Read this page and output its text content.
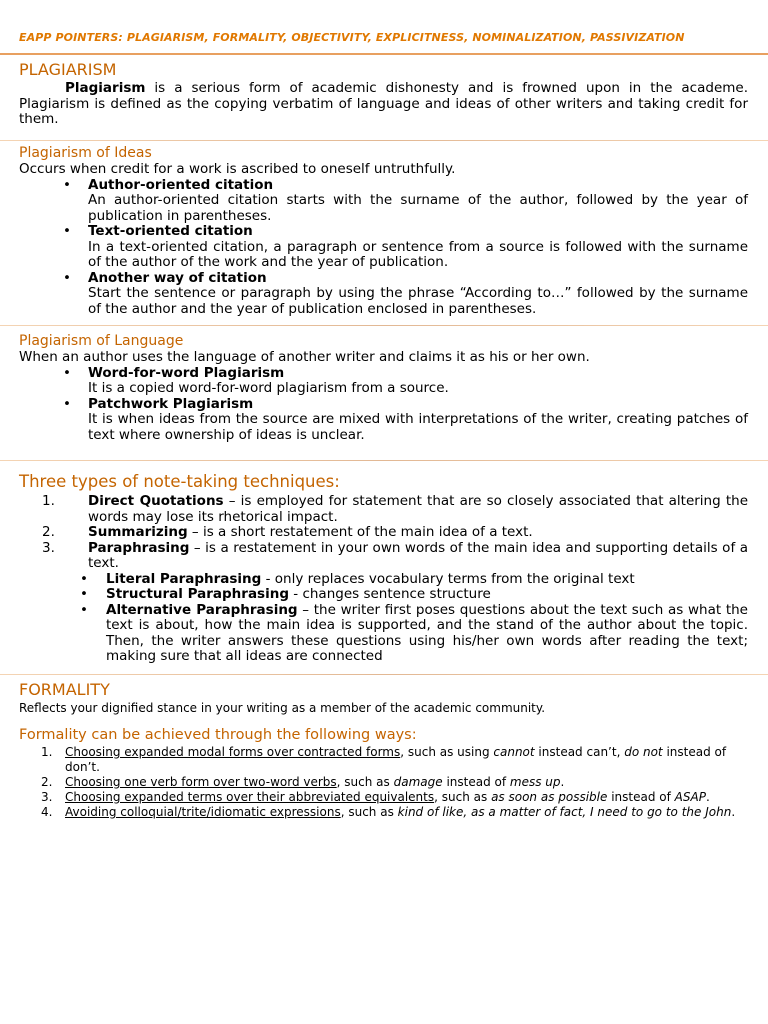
EAPP POINTERS: PLAGIARISM, FORMALITY, OBJECTIVITY, EXPLICITNESS, NOMINALIZATION, PASSIVIZATION
PLAGIARISM
Plagiarism is a serious form of academic dishonesty and is frowned upon in the academe. Plagiarism is defined as the copying verbatim of language and ideas of other writers and taking credit for them.
Plagiarism of Ideas
Occurs when credit for a work is ascribed to oneself untruthfully.
• Author-oriented citation
An author-oriented citation starts with the surname of the author, followed by the year of publication in parentheses.
• Text-oriented citation
In a text-oriented citation, a paragraph or sentence from a source is followed with the surname of the author of the work and the year of publication.
• Another way of citation
Start the sentence or paragraph by using the phrase “According to…” followed by the surname of the author and the year of publication enclosed in parentheses.
Plagiarism of Language
When an author uses the language of another writer and claims it as his or her own.
• Word-for-word Plagiarism
It is a copied word-for-word plagiarism from a source.
• Patchwork Plagiarism
It is when ideas from the source are mixed with interpretations of the writer, creating patches of text where ownership of ideas is unclear.
Three types of note-taking techniques:
1. Direct Quotations – is employed for statement that are so closely associated that altering the words may lose its rhetorical impact.
2. Summarizing – is a short restatement of the main idea of a text.
3. Paraphrasing – is a restatement in your own words of the main idea and supporting details of a text.
• Literal Paraphrasing - only replaces vocabulary terms from the original text
• Structural Paraphrasing - changes sentence structure
• Alternative Paraphrasing – the writer first poses questions about the text such as what the text is about, how the main idea is supported, and the stand of the author about the topic. Then, the writer answers these questions using his/her own words after reading the text; making sure that all ideas are connected
FORMALITY
Reflects your dignified stance in your writing as a member of the academic community.
Formality can be achieved through the following ways:
1. Choosing expanded modal forms over contracted forms, such as using cannot instead can’t, do not instead of don’t.
2. Choosing one verb form over two-word verbs, such as damage instead of mess up.
3. Choosing expanded terms over their abbreviated equivalents, such as as soon as possible instead of ASAP.
4. Avoiding colloquial/trite/idiomatic expressions, such as kind of like, as a matter of fact, I need to go to the John.
